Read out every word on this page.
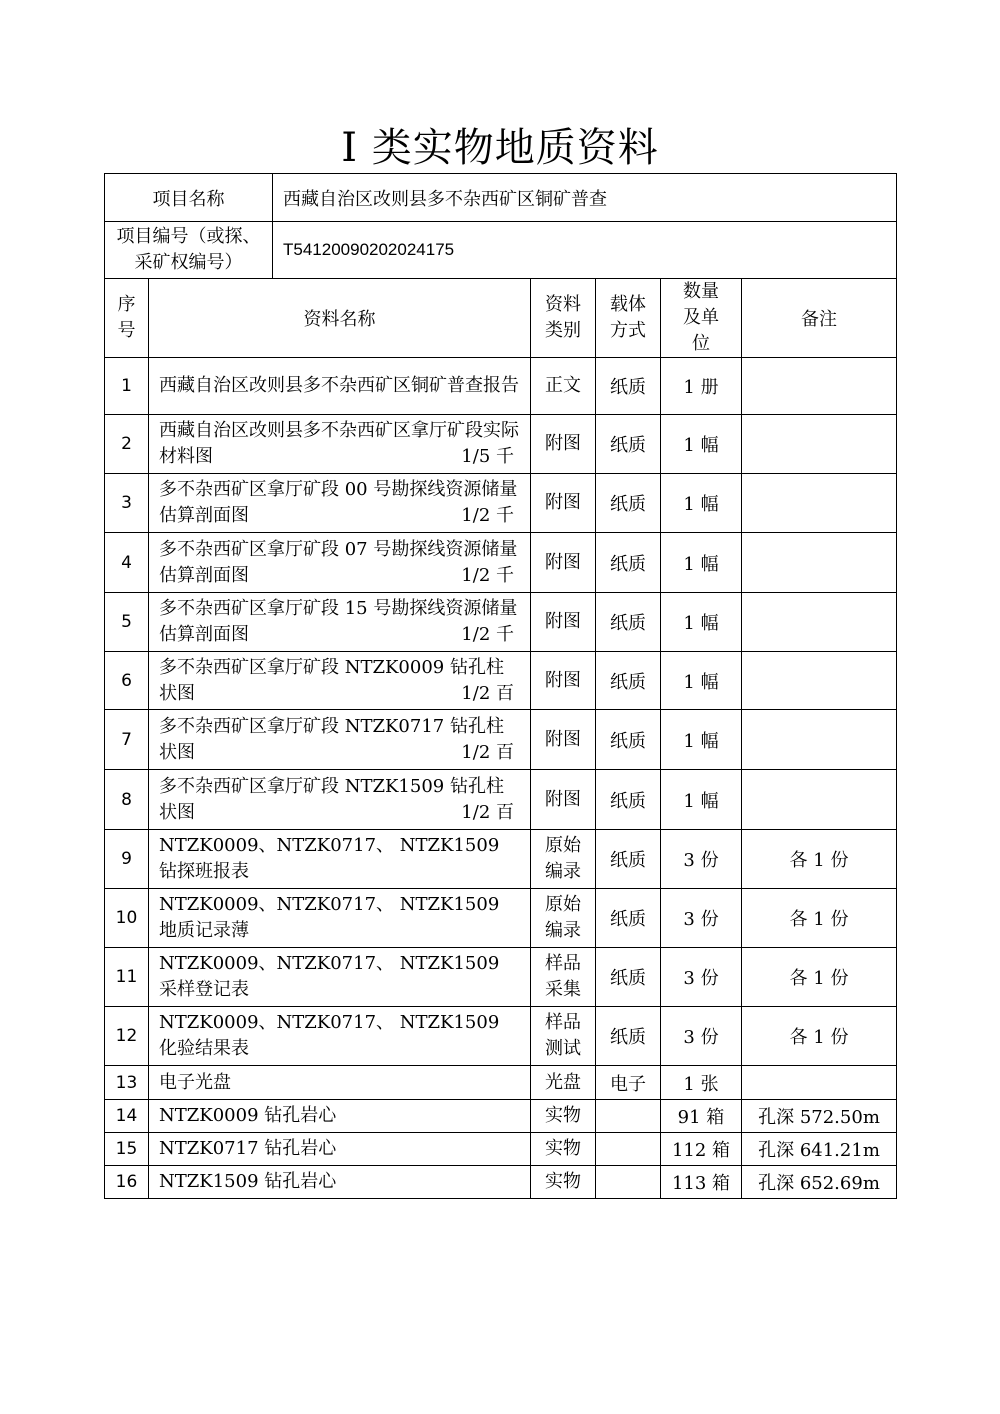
I 类实物地质资料
项目名称		西藏自治区改则县多不杂西矿区铜矿普查				
项目编号（或探、采矿权编号）		T54120090202024175				
序号	资料名称		资料类别	载体方式	数量及单位	备注
1	西藏自治区改则县多不杂西矿区铜矿普查报告		正文	纸质	1 册	
2	西藏自治区改则县多不杂西矿区拿厅矿段实际材料图 1/5 千		附图	纸质	1 幅	
3	多不杂西矿区拿厅矿段 00 号勘探线资源储量估算剖面图 1/2 千		附图	纸质	1 幅	
4	多不杂西矿区拿厅矿段 07 号勘探线资源储量估算剖面图 1/2 千		附图	纸质	1 幅	
5	多不杂西矿区拿厅矿段 15 号勘探线资源储量估算剖面图 1/2 千		附图	纸质	1 幅	
6	多不杂西矿区拿厅矿段 NTZK0009 钻孔柱状图 1/2 百		附图	纸质	1 幅	
7	多不杂西矿区拿厅矿段 NTZK0717 钻孔柱状图 1/2 百		附图	纸质	1 幅	
8	多不杂西矿区拿厅矿段 NTZK1509 钻孔柱状图 1/2 百		附图	纸质	1 幅	
9	NTZK0009、NTZK0717、 NTZK1509 钻探班报表		原始编录	纸质	3 份	各 1 份
10	NTZK0009、NTZK0717、 NTZK1509 地质记录薄		原始编录	纸质	3 份	各 1 份
11	NTZK0009、NTZK0717、 NTZK1509 采样登记表		样品采集	纸质	3 份	各 1 份
12	NTZK0009、NTZK0717、 NTZK1509 化验结果表		样品测试	纸质	3 份	各 1 份
13	电子光盘		光盘	电子	1 张	
14	NTZK0009 钻孔岩心		实物		91 箱	孔深 572.50m
15	NTZK0717 钻孔岩心		实物		112 箱	孔深 641.21m
16	NTZK1509 钻孔岩心		实物		113 箱	孔深 652.69m
